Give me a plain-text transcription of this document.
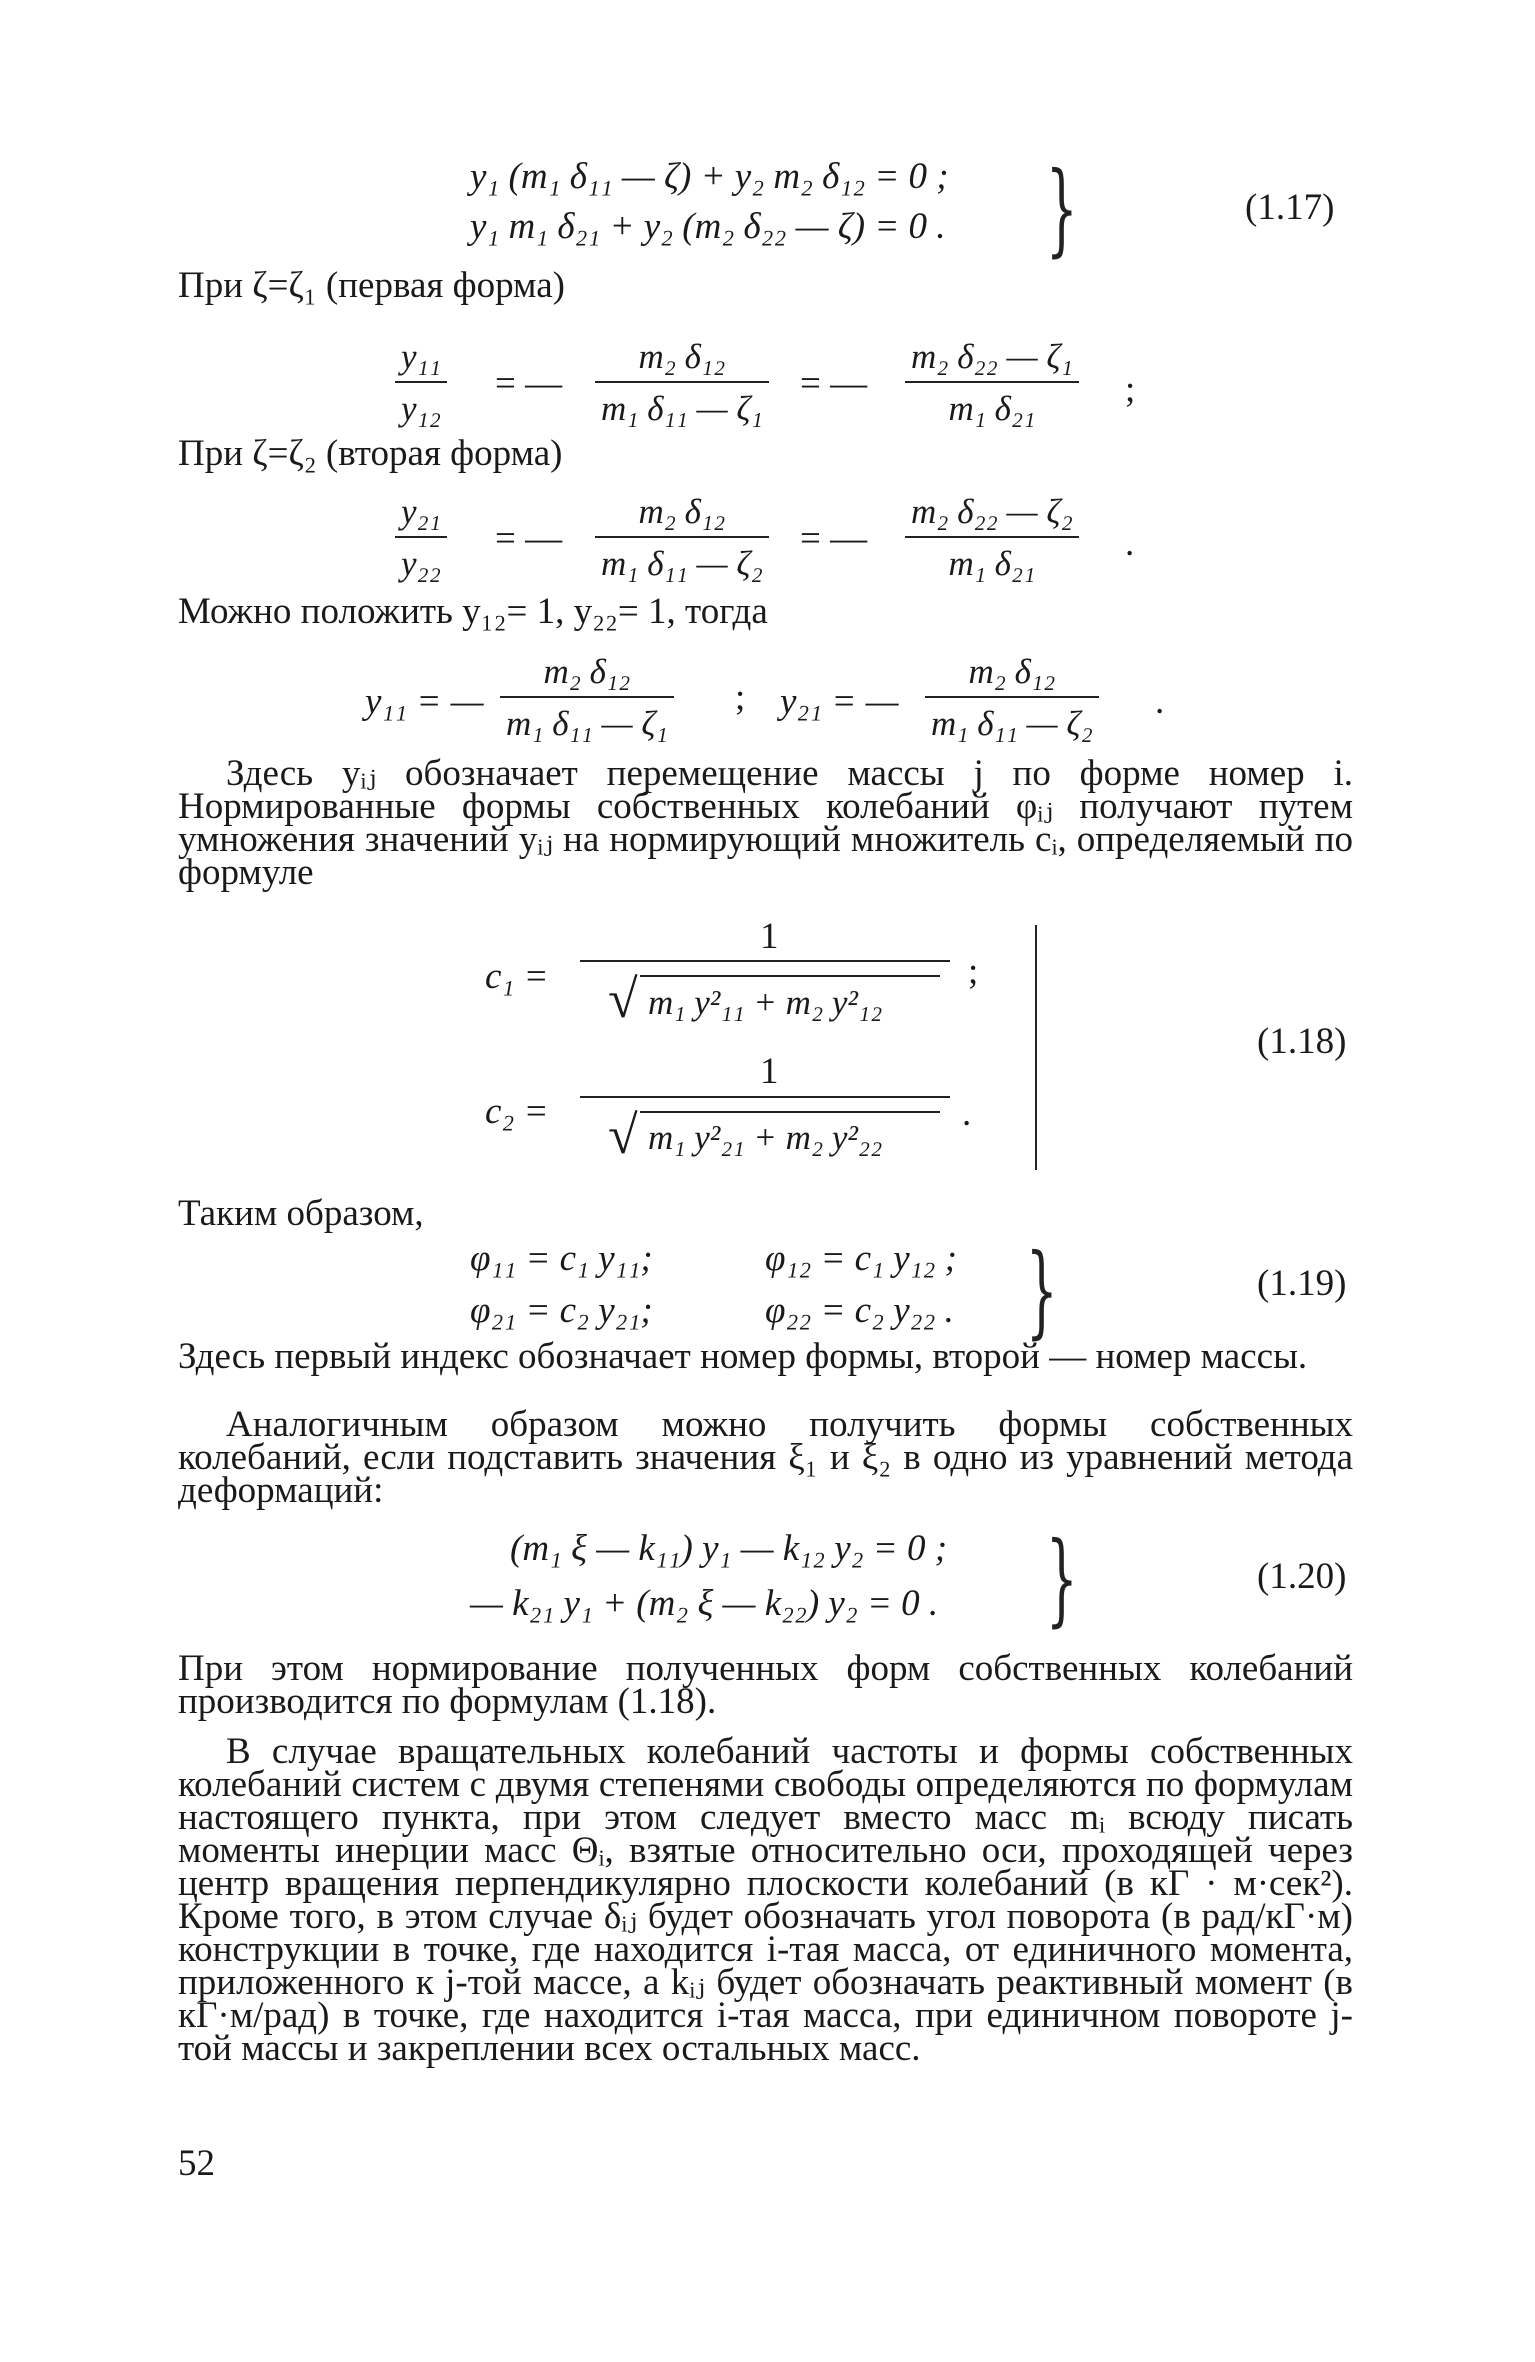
y₁ (m₁ δ₁₁ — ζ) + y₂ m₂ δ₁₂ = 0 ;
y₁ m₁ δ₂₁ + y₂ (m₂ δ₂₂ — ζ) = 0 . }	(1.17)
При ζ=ζ₁ (первая форма)
y₁₁
y₁₂
= —
m₂ δ₁₂
m₁ δ₁₁ — ζ₁
= —
m₂ δ₂₂ — ζ₁
m₁ δ₂₁ ;
При ζ=ζ₂ (вторая форма)
y₂₁
y₂₂
= —
m₂ δ₁₂
m₁ δ₁₁ — ζ₂
= —
m₂ δ₂₂ — ζ₂
m₁ δ₂₁ .
Можно положить y₁₂= 1, y₂₂= 1, тогда
y₁₁ = —
m₂ δ₁₂
m₁ δ₁₁ — ζ₁
; y₂₁ = —
m₂ δ₁₂
m₁ δ₁₁ — ζ₂
.
Здесь yᵢⱼ обозначает перемещение массы j по форме номер i. Нормированные формы собственных колебаний φᵢⱼ получают путем умножения значений yᵢⱼ на нормирующий множитель cᵢ, определяемый по формуле
c₁ =
1
√ m₁ y²₁₁ + m₂ y²₁₂
;
c₂ =
1
√ m₁ y²₂₁ + m₂ y²₂₂
.
(1.18)
Таким образом,
φ₁₁ = c₁ y₁₁;	φ₁₂ = c₁ y₁₂ ;
φ₂₁ = c₂ y₂₁;	φ₂₂ = c₂ y₂₂ . }	(1.19)
Здесь первый индекс обозначает номер формы, второй — номер массы.
Аналогичным образом можно получить формы собственных колебаний, если подставить значения ξ₁ и ξ₂ в одно из уравнений метода деформаций:
(m₁ ξ — k₁₁) y₁ — k₁₂ y₂ = 0 ;
— k₂₁ y₁ + (m₂ ξ — k₂₂) y₂ = 0 . }	(1.20)
При этом нормирование полученных форм собственных колебаний производится по формулам (1.18).
В случае вращательных колебаний частоты и формы собственных колебаний систем с двумя степенями свободы определяются по формулам настоящего пункта, при этом следует вместо масс mᵢ всюду писать моменты инерции масс Θᵢ, взятые относительно оси, проходящей через центр вращения перпендикулярно плоскости колебаний (в кГ · м·сек²). Кроме того, в этом случае δᵢⱼ будет обозначать угол поворота (в рад/кГ·м) конструкции в точке, где находится i-тая масса, от единичного момента, приложенного к j-той массе, а kᵢⱼ будет обозначать реактивный момент (в кГ·м/рад) в точке, где находится i-тая масса, при единичном повороте j-той массы и закреплении всех остальных масс.
52
